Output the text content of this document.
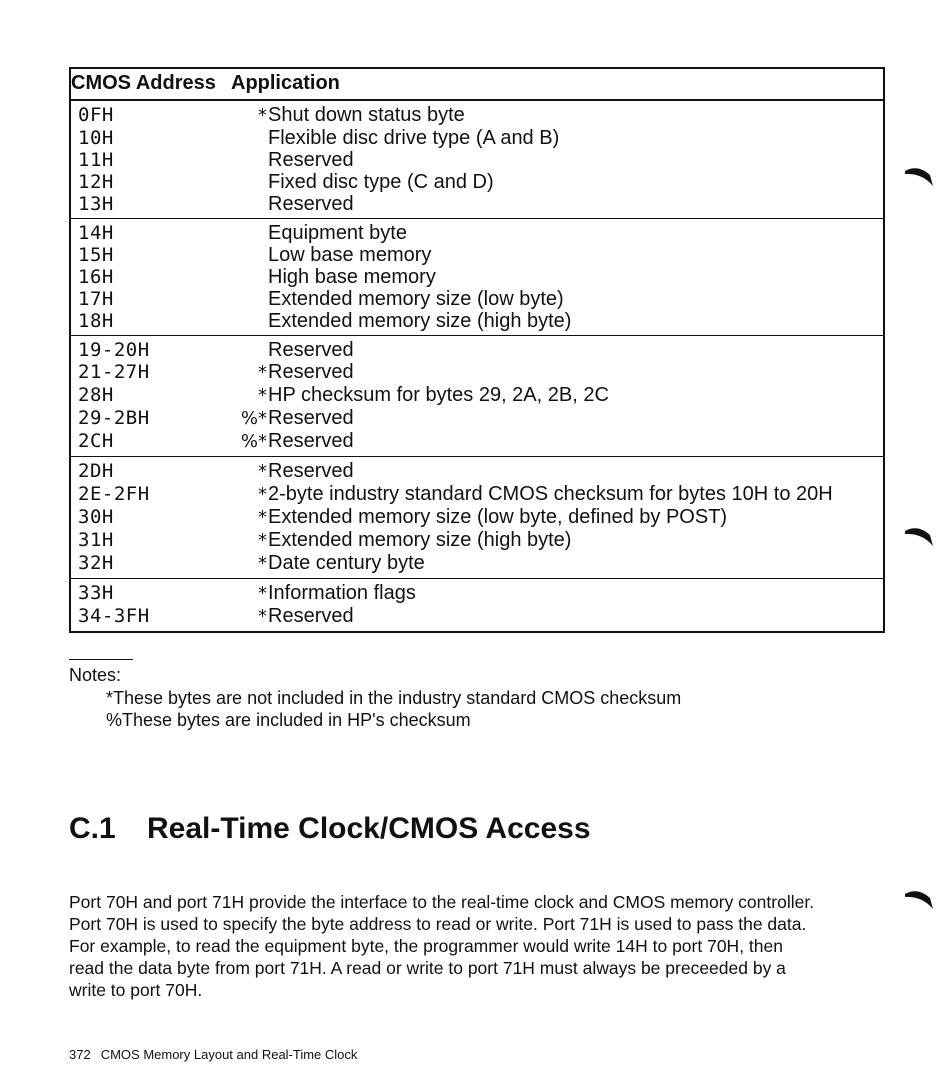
CMOS Address	Application
0FH	*Shut down status byte
10H	Flexible disc drive type (A and B)
11H	Reserved
12H	Fixed disc type (C and D)
13H	Reserved
14H	Equipment byte
15H	Low base memory
16H	High base memory
17H	Extended memory size (low byte)
18H	Extended memory size (high byte)
19-20H	Reserved
21-27H	*Reserved
28H	*HP checksum for bytes 29, 2A, 2B, 2C
29-2BH	%*Reserved
2CH	%*Reserved
2DH	*Reserved
2E-2FH	*2-byte industry standard CMOS checksum for bytes 10H to 20H
30H	*Extended memory size (low byte, defined by POST)
31H	*Extended memory size (high byte)
32H	*Date century byte
33H	*Information flags
34-3FH	*Reserved
Notes:
*These bytes are not included in the industry standard CMOS checksum
%These bytes are included in HP's checksum
C.1 Real-Time Clock/CMOS Access
Port 70H and port 71H provide the interface to the real-time clock and CMOS memory controller.
Port 70H is used to specify the byte address to read or write. Port 71H is used to pass the data.
For example, to read the equipment byte, the programmer would write 14H to port 70H, then
read the data byte from port 71H. A read or write to port 71H must always be preceeded by a
write to port 70H.
372 CMOS Memory Layout and Real-Time Clock
